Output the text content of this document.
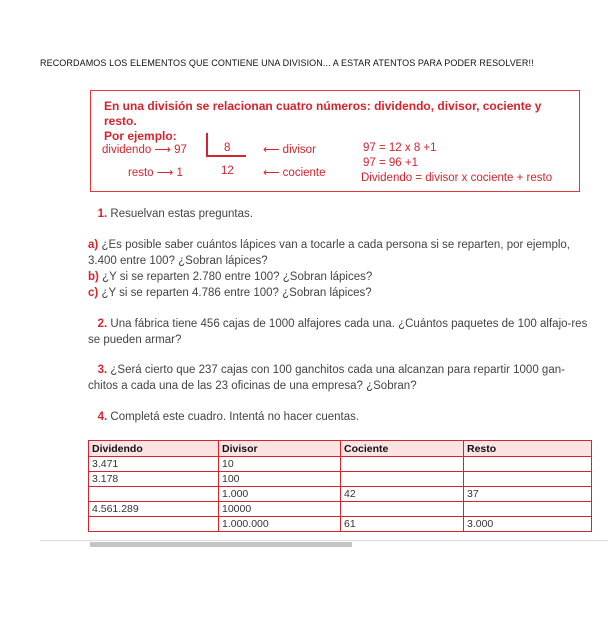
RECORDAMOS LOS ELEMENTOS QUE CONTIENE UNA DIVISION... A ESTAR ATENTOS PARA PODER RESOLVER!!
En una división se relacionan cuatro números: dividendo, divisor, cociente y resto.
Por ejemplo:
dividendo ⟶ 97	8	⟵ divisor
resto ⟶ 1	12	⟵ cociente
97 = 12 x 8 +1
97 = 96 +1
Dividendo = divisor x cociente + resto
1. Resuelvan estas preguntas.
a) ¿Es posible saber cuántos lápices van a tocarle a cada persona si se reparten, por ejemplo, 3.400 entre 100? ¿Sobran lápices?
b) ¿Y si se reparten 2.780 entre 100? ¿Sobran lápices?
c) ¿Y si se reparten 4.786 entre 100? ¿Sobran lápices?
2. Una fábrica tiene 456 cajas de 1000 alfajores cada una. ¿Cuántos paquetes de 100 alfajo-res se pueden armar?
3. ¿Será cierto que 237 cajas con 100 ganchitos cada una alcanzan para repartir 1000 gan-chitos a cada una de las 23 oficinas de una empresa? ¿Sobran?
4. Completá este cuadro. Intentá no hacer cuentas.
Dividendo	Divisor	Cociente	Resto
3.471	10		
3.178	100		
	1.000	42	37
4.561.289	10000		
	1.000.000	61	3.000
